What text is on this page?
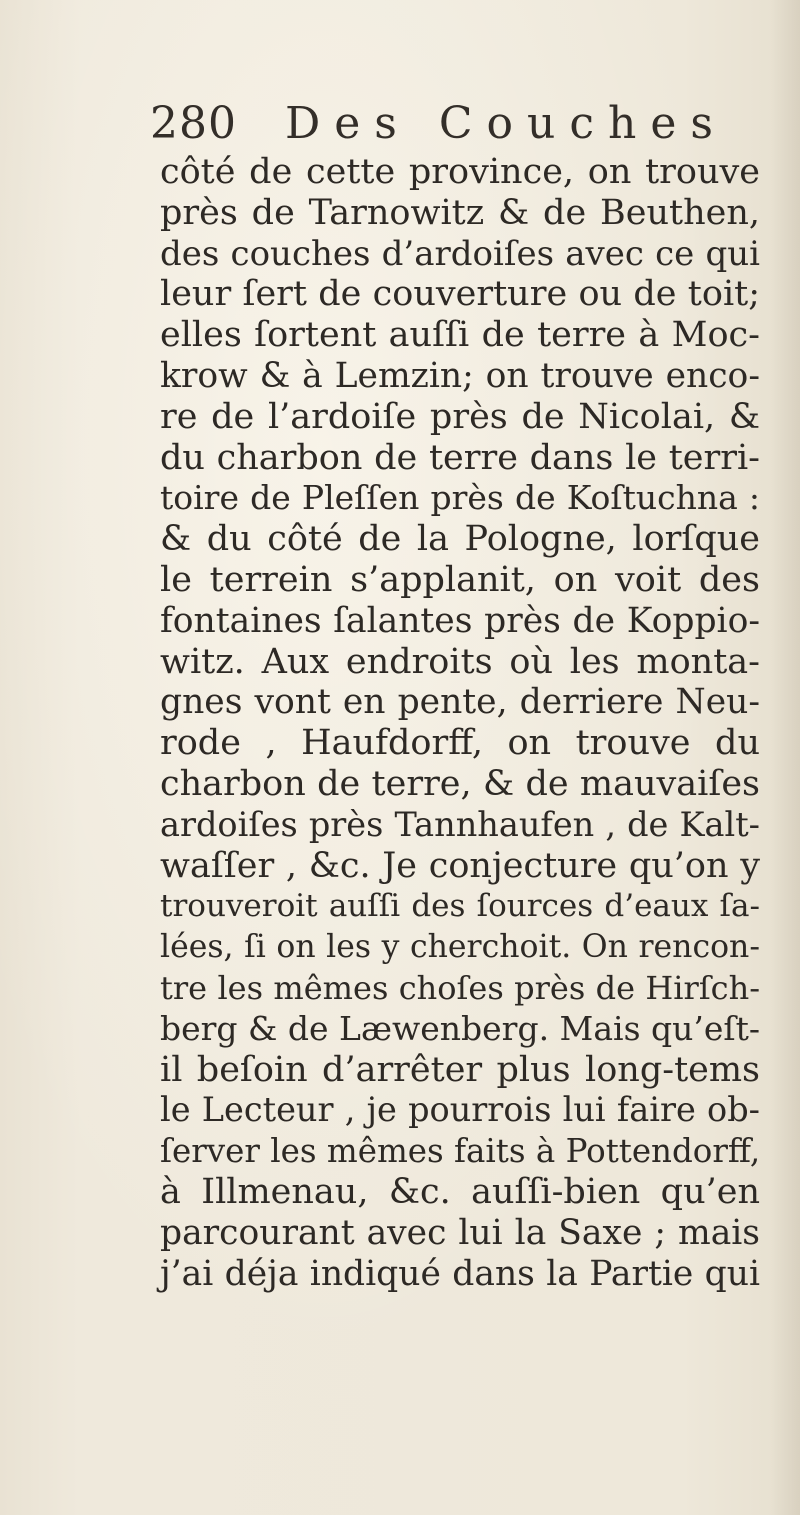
280 Des Couches
côté de cette province, on trouve
près de Tarnowitz & de Beuthen,
des couches d’ardoiſes avec ce qui
leur ſert de couverture ou de toit;
elles ſortent auſſi de terre à Moc-
krow & à Lemzin; on trouve enco-
re de l’ardoiſe près de Nicolai, &
du charbon de terre dans le terri-
toire de Pleſſen près de Koſtuchna :
& du côté de la Pologne, lorſque
le terrein s’applanit, on voit des
fontaines ſalantes près de Koppio-
witz. Aux endroits où les monta-
gnes vont en pente, derriere Neu-
rode , Haufdorff, on trouve du
charbon de terre, & de mauvaiſes
ardoiſes près Tannhaufen , de Kalt-
waſſer , &c. Je conjecture qu’on y
trouveroit auſſi des ſources d’eaux ſa-
lées, ſi on les y cherchoit. On rencon-
tre les mêmes choſes près de Hirſch-
berg & de Læwenberg. Mais qu’eſt-
il beſoin d’arrêter plus long-tems
le Lecteur , je pourrois lui faire ob-
ſerver les mêmes faits à Pottendorff,
à Illmenau, &c. auſſi-bien qu’en
parcourant avec lui la Saxe ; mais
j’ai déja indiqué dans la Partie qui
